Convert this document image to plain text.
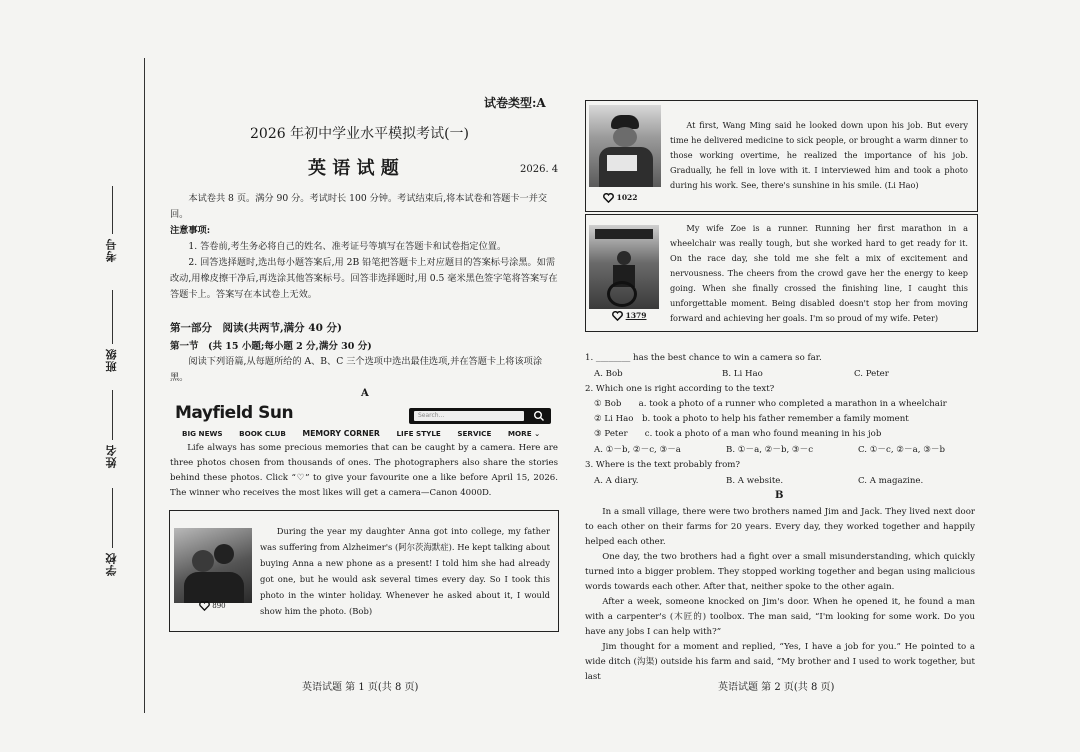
考号
班级
姓名
学校
试卷类型:A
2026 年初中学业水平模拟考试(一)
英 语 试 题	2026. 4

本试卷共 8 页。满分 90 分。考试时长 100 分钟。考试结束后,将本试卷和答题卡一并交回。

注意事项:

1. 答卷前,考生务必将自己的姓名、准考证号等填写在答题卡和试卷指定位置。

2. 回答选择题时,选出每小题答案后,用 2B 铅笔把答题卡上对应题目的答案标号涂黑。如需改动,用橡皮擦干净后,再选涂其他答案标号。回答非选择题时,用 0.5 毫米黑色签字笔将答案写在答题卡上。答案写在本试卷上无效。

第一部分　阅读(共两节,满分 40 分)
第一节　(共 15 小题;每小题 2 分,满分 30 分)

阅读下列语篇,从每题所给的 A、B、C 三个选项中选出最佳选项,并在答题卡上将该项涂黑。

A
Mayfield Sun	Search...
BIG NEWS BOOK CLUB MEMORY CORNER LIFE STYLE SERVICE MORE ⌄

Life always has some precious memories that can be caught by a camera. Here are three photos chosen from thousands of ones. The photographers also share the stories behind these photos. Click “♡” to give your favourite one a like before April 15, 2026. The winner who receives the most likes will get a camera—Canon 4000D.

890

During the year my daughter Anna got into college, my father was suffering from Alzheimer's (阿尔茨海默症). He kept talking about buying Anna a new phone as a present! I told him she had already got one, but he would ask several times every day. So I took this photo in the winter holiday. Whenever he asked about it, I would show him the photo. (Bob)

英语试题 第 1 页(共 8 页)
1022

At first, Wang Ming said he looked down upon his job. But every time he delivered medicine to sick people, or brought a warm dinner to those working overtime, he realized the importance of his job. Gradually, he fell in love with it. I interviewed him and took a photo during his work. See, there's sunshine in his smile. (Li Hao)

1379

My wife Zoe is a runner. Running her first marathon in a wheelchair was really tough, but she worked hard to get ready for it. On the race day, she told me she felt a mix of excitement and nervousness. The cheers from the crowd gave her the energy to keep going. When she finally crossed the finishing line, I caught this unforgettable moment. Being disabled doesn't stop her from moving forward and achieving her goals. I'm so proud of my wife. Peter)

1. ________ has the best chance to win a camera so far.
A. Bob	B. Li Hao	C. Peter
2. Which one is right according to the text?
① Bob　　a. took a photo of a runner who completed a marathon in a wheelchair
② Li Hao　b. took a photo to help his father remember a family moment
③ Peter　　c. took a photo of a man who found meaning in his job
A. ①－b, ②－c, ③－a	B. ①－a, ②－b, ③－c	C. ①－c, ②－a, ③－b
3. Where is the text probably from?
A. A diary.	B. A website.	C. A magazine.
B

In a small village, there were two brothers named Jim and Jack. They lived next door to each other on their farms for 20 years. Every day, they worked together and happily helped each other.

One day, the two brothers had a fight over a small misunderstanding, which quickly turned into a bigger problem. They stopped working together and began using malicious words towards each other. After that, neither spoke to the other again.

After a week, someone knocked on Jim's door. When he opened it, he found a man with a carpenter's (木匠的) toolbox. The man said, “I'm looking for some work. Do you have any jobs I can help with?”

Jim thought for a moment and replied, “Yes, I have a job for you.” He pointed to a wide ditch (沟渠) outside his farm and said, “My brother and I used to work together, but last

英语试题 第 2 页(共 8 页)
